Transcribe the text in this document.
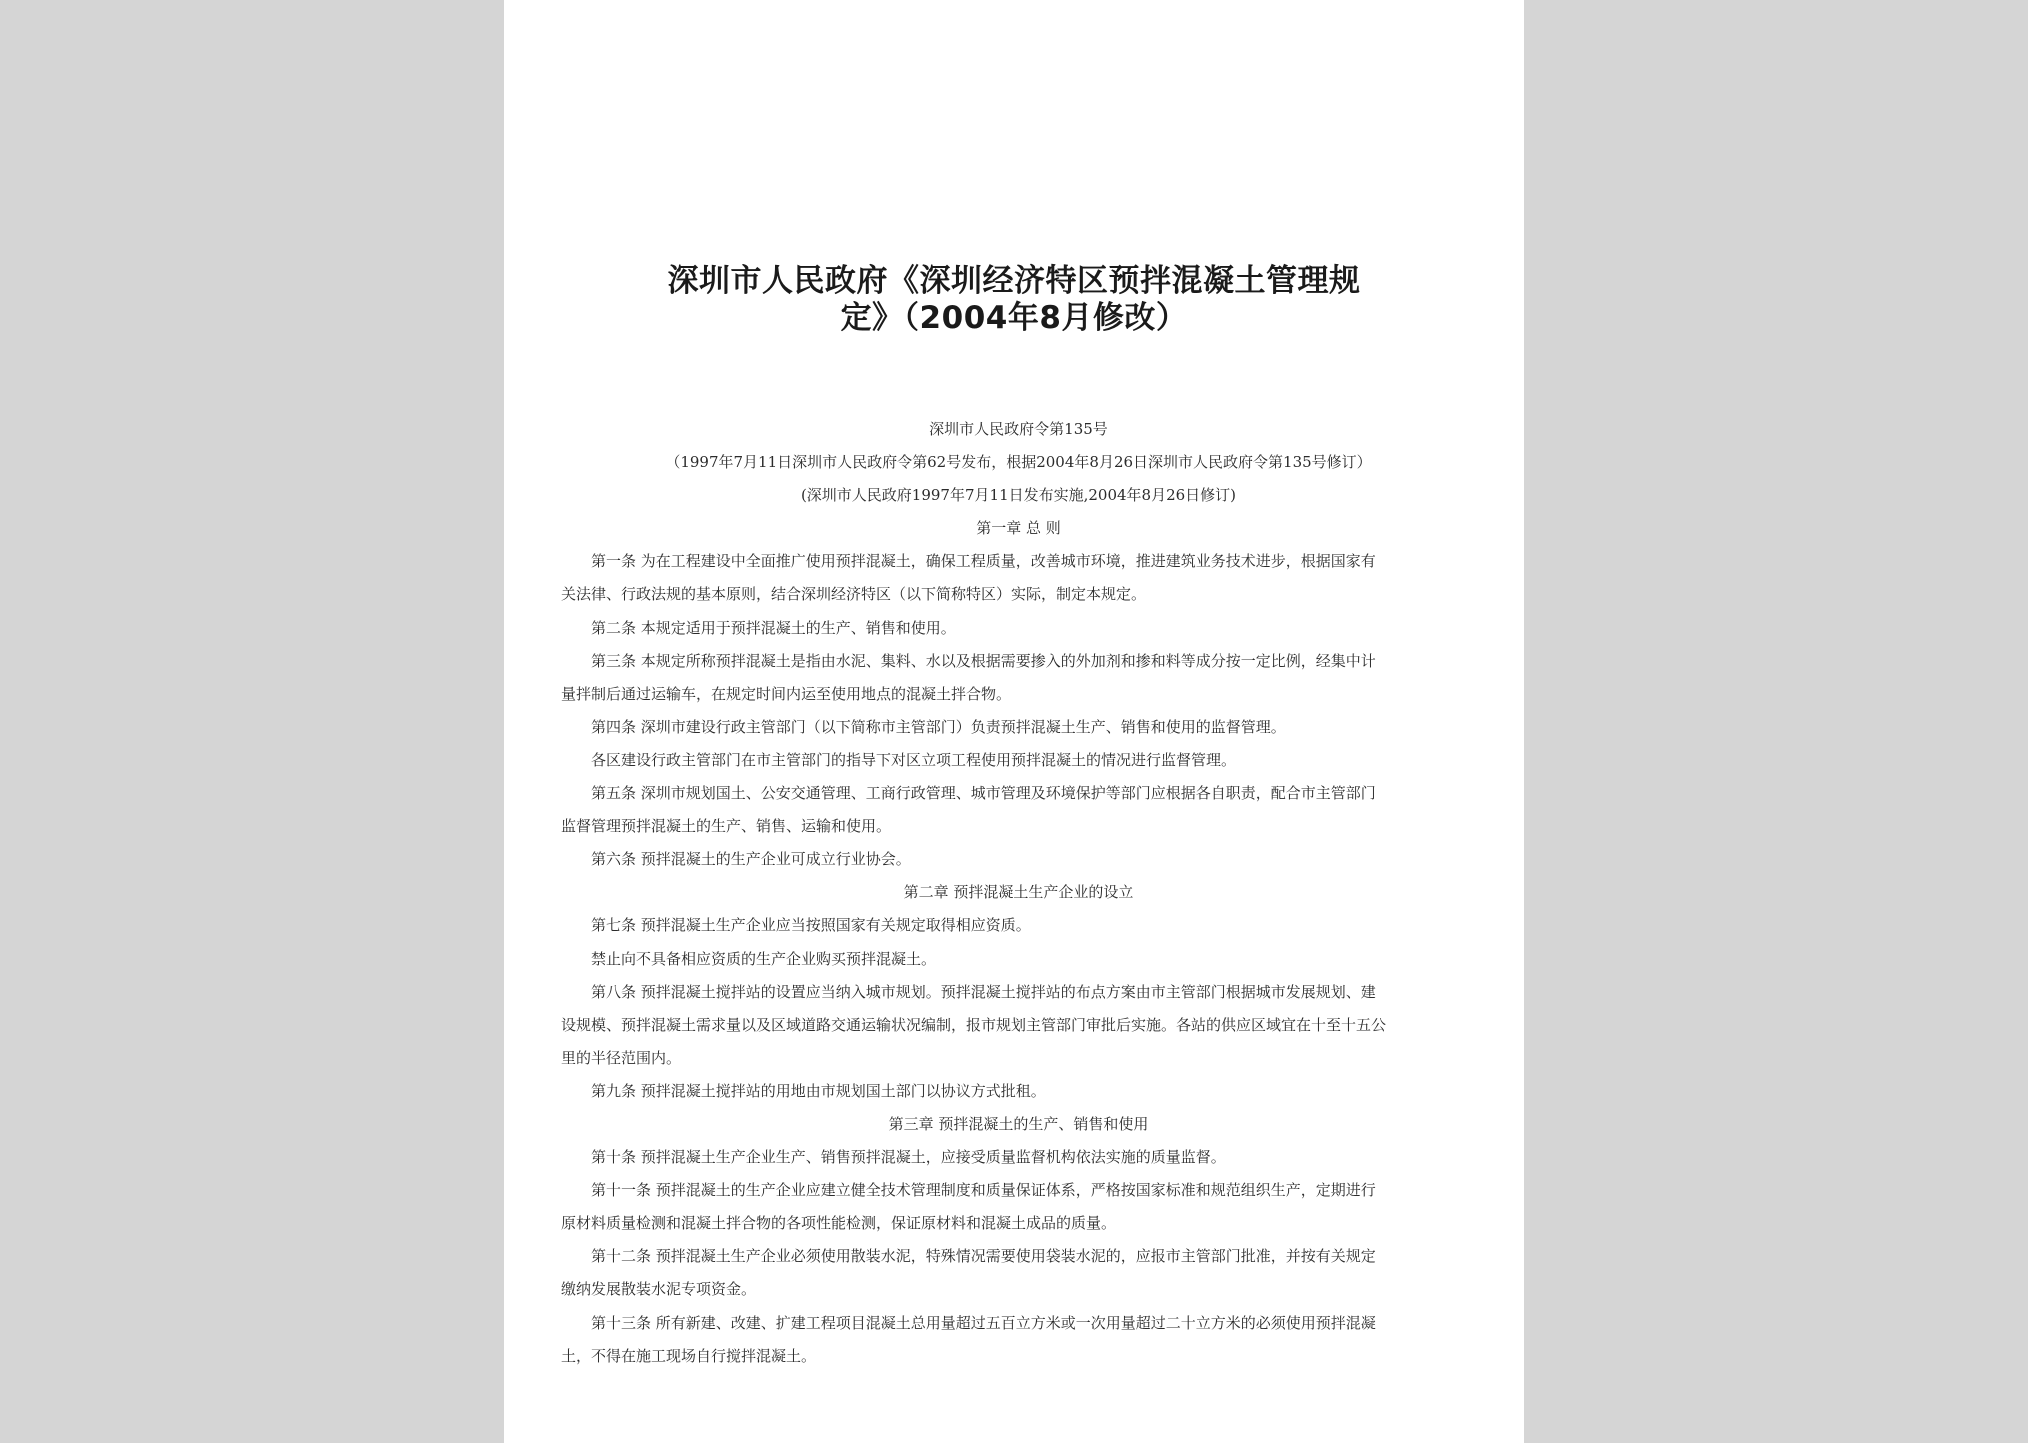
深圳市人民政府《深圳经济特区预拌混凝土管理规
定》（2004年8月修改）
深圳市人民政府令第135号
（1997年7月11日深圳市人民政府令第62号发布，根据2004年8月26日深圳市人民政府令第135号修订）
(深圳市人民政府1997年7月11日发布实施,2004年8月26日修订)
第一章 总 则

第一条 为在工程建设中全面推广使用预拌混凝土，确保工程质量，改善城市环境，推进建筑业务技术进步，根据国家有
关法律、行政法规的基本原则，结合深圳经济特区（以下简称特区）实际，制定本规定。

第二条 本规定适用于预拌混凝土的生产、销售和使用。

第三条 本规定所称预拌混凝土是指由水泥、集料、水以及根据需要掺入的外加剂和掺和料等成分按一定比例，经集中计
量拌制后通过运输车，在规定时间内运至使用地点的混凝土拌合物。

第四条 深圳市建设行政主管部门（以下简称市主管部门）负责预拌混凝土生产、销售和使用的监督管理。
各区建设行政主管部门在市主管部门的指导下对区立项工程使用预拌混凝土的情况进行监督管理。

第五条 深圳市规划国土、公安交通管理、工商行政管理、城市管理及环境保护等部门应根据各自职责，配合市主管部门
监督管理预拌混凝土的生产、销售、运输和使用。

第六条 预拌混凝土的生产企业可成立行业协会。
第二章 预拌混凝土生产企业的设立
第七条 预拌混凝土生产企业应当按照国家有关规定取得相应资质。
禁止向不具备相应资质的生产企业购买预拌混凝土。

第八条 预拌混凝土搅拌站的设置应当纳入城市规划。预拌混凝土搅拌站的布点方案由市主管部门根据城市发展规划、建
设规模、预拌混凝土需求量以及区域道路交通运输状况编制，报市规划主管部门审批后实施。各站的供应区域宜在十至十五公
里的半径范围内。

第九条 预拌混凝土搅拌站的用地由市规划国土部门以协议方式批租。
第三章 预拌混凝土的生产、销售和使用
第十条 预拌混凝土生产企业生产、销售预拌混凝土，应接受质量监督机构依法实施的质量监督。

第十一条 预拌混凝土的生产企业应建立健全技术管理制度和质量保证体系，严格按国家标准和规范组织生产，定期进行
原材料质量检测和混凝土拌合物的各项性能检测，保证原材料和混凝土成品的质量。

第十二条 预拌混凝土生产企业必须使用散装水泥，特殊情况需要使用袋装水泥的，应报市主管部门批准，并按有关规定
缴纳发展散装水泥专项资金。

第十三条 所有新建、改建、扩建工程项目混凝土总用量超过五百立方米或一次用量超过二十立方米的必须使用预拌混凝
土，不得在施工现场自行搅拌混凝土。
